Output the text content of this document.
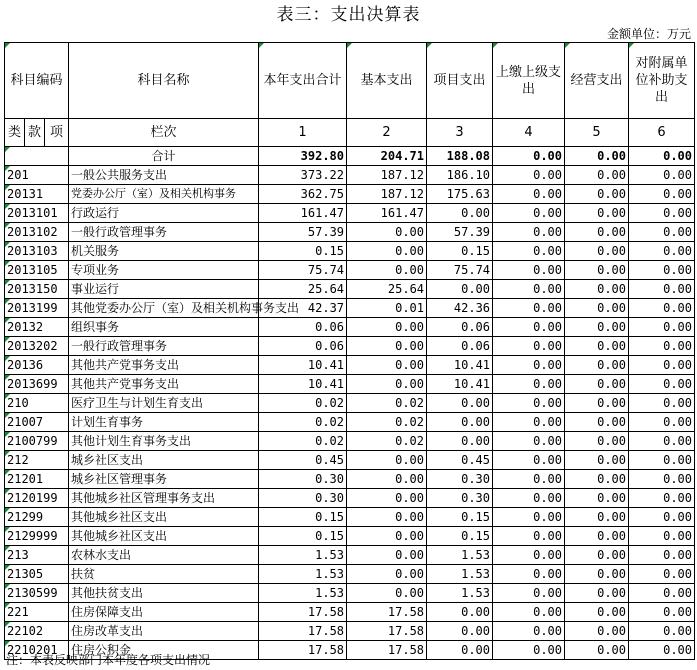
表三：支出决算表
金额单位：万元
科目编码			科目名称	本年支出合计	基本支出	项目支出	上缴上级支出	经营支出	对附属单位补助支出
类	款	项	栏次	1	2	3	4	5	6
			合计	392.80	204.71	188.08	0.00	0.00	0.00
201			一般公共服务支出	373.22	187.12	186.10	0.00	0.00	0.00
20131			党委办公厅（室）及相关机构事务	362.75	187.12	175.63	0.00	0.00	0.00
2013101			行政运行	161.47	161.47	0.00	0.00	0.00	0.00
2013102			一般行政管理事务	57.39	0.00	57.39	0.00	0.00	0.00
2013103			机关服务	0.15	0.00	0.15	0.00	0.00	0.00
2013105			专项业务	75.74	0.00	75.74	0.00	0.00	0.00
2013150			事业运行	25.64	25.64	0.00	0.00	0.00	0.00
2013199			其他党委办公厅（室）及相关机构事务支出	42.37	0.01	42.36	0.00	0.00	0.00
20132			组织事务	0.06	0.00	0.06	0.00	0.00	0.00
2013202			一般行政管理事务	0.06	0.00	0.06	0.00	0.00	0.00
20136			其他共产党事务支出	10.41	0.00	10.41	0.00	0.00	0.00
2013699			其他共产党事务支出	10.41	0.00	10.41	0.00	0.00	0.00
210			医疗卫生与计划生育支出	0.02	0.02	0.00	0.00	0.00	0.00
21007			计划生育事务	0.02	0.02	0.00	0.00	0.00	0.00
2100799			其他计划生育事务支出	0.02	0.02	0.00	0.00	0.00	0.00
212			城乡社区支出	0.45	0.00	0.45	0.00	0.00	0.00
21201			城乡社区管理事务	0.30	0.00	0.30	0.00	0.00	0.00
2120199			其他城乡社区管理事务支出	0.30	0.00	0.30	0.00	0.00	0.00
21299			其他城乡社区支出	0.15	0.00	0.15	0.00	0.00	0.00
2129999			其他城乡社区支出	0.15	0.00	0.15	0.00	0.00	0.00
213			农林水支出	1.53	0.00	1.53	0.00	0.00	0.00
21305			扶贫	1.53	0.00	1.53	0.00	0.00	0.00
2130599			其他扶贫支出	1.53	0.00	1.53	0.00	0.00	0.00
221			住房保障支出	17.58	17.58	0.00	0.00	0.00	0.00
22102			住房改革支出	17.58	17.58	0.00	0.00	0.00	0.00
2210201			住房公积金	17.58	17.58	0.00	0.00	0.00	0.00
注：本表反映部门本年度各项支出情况
